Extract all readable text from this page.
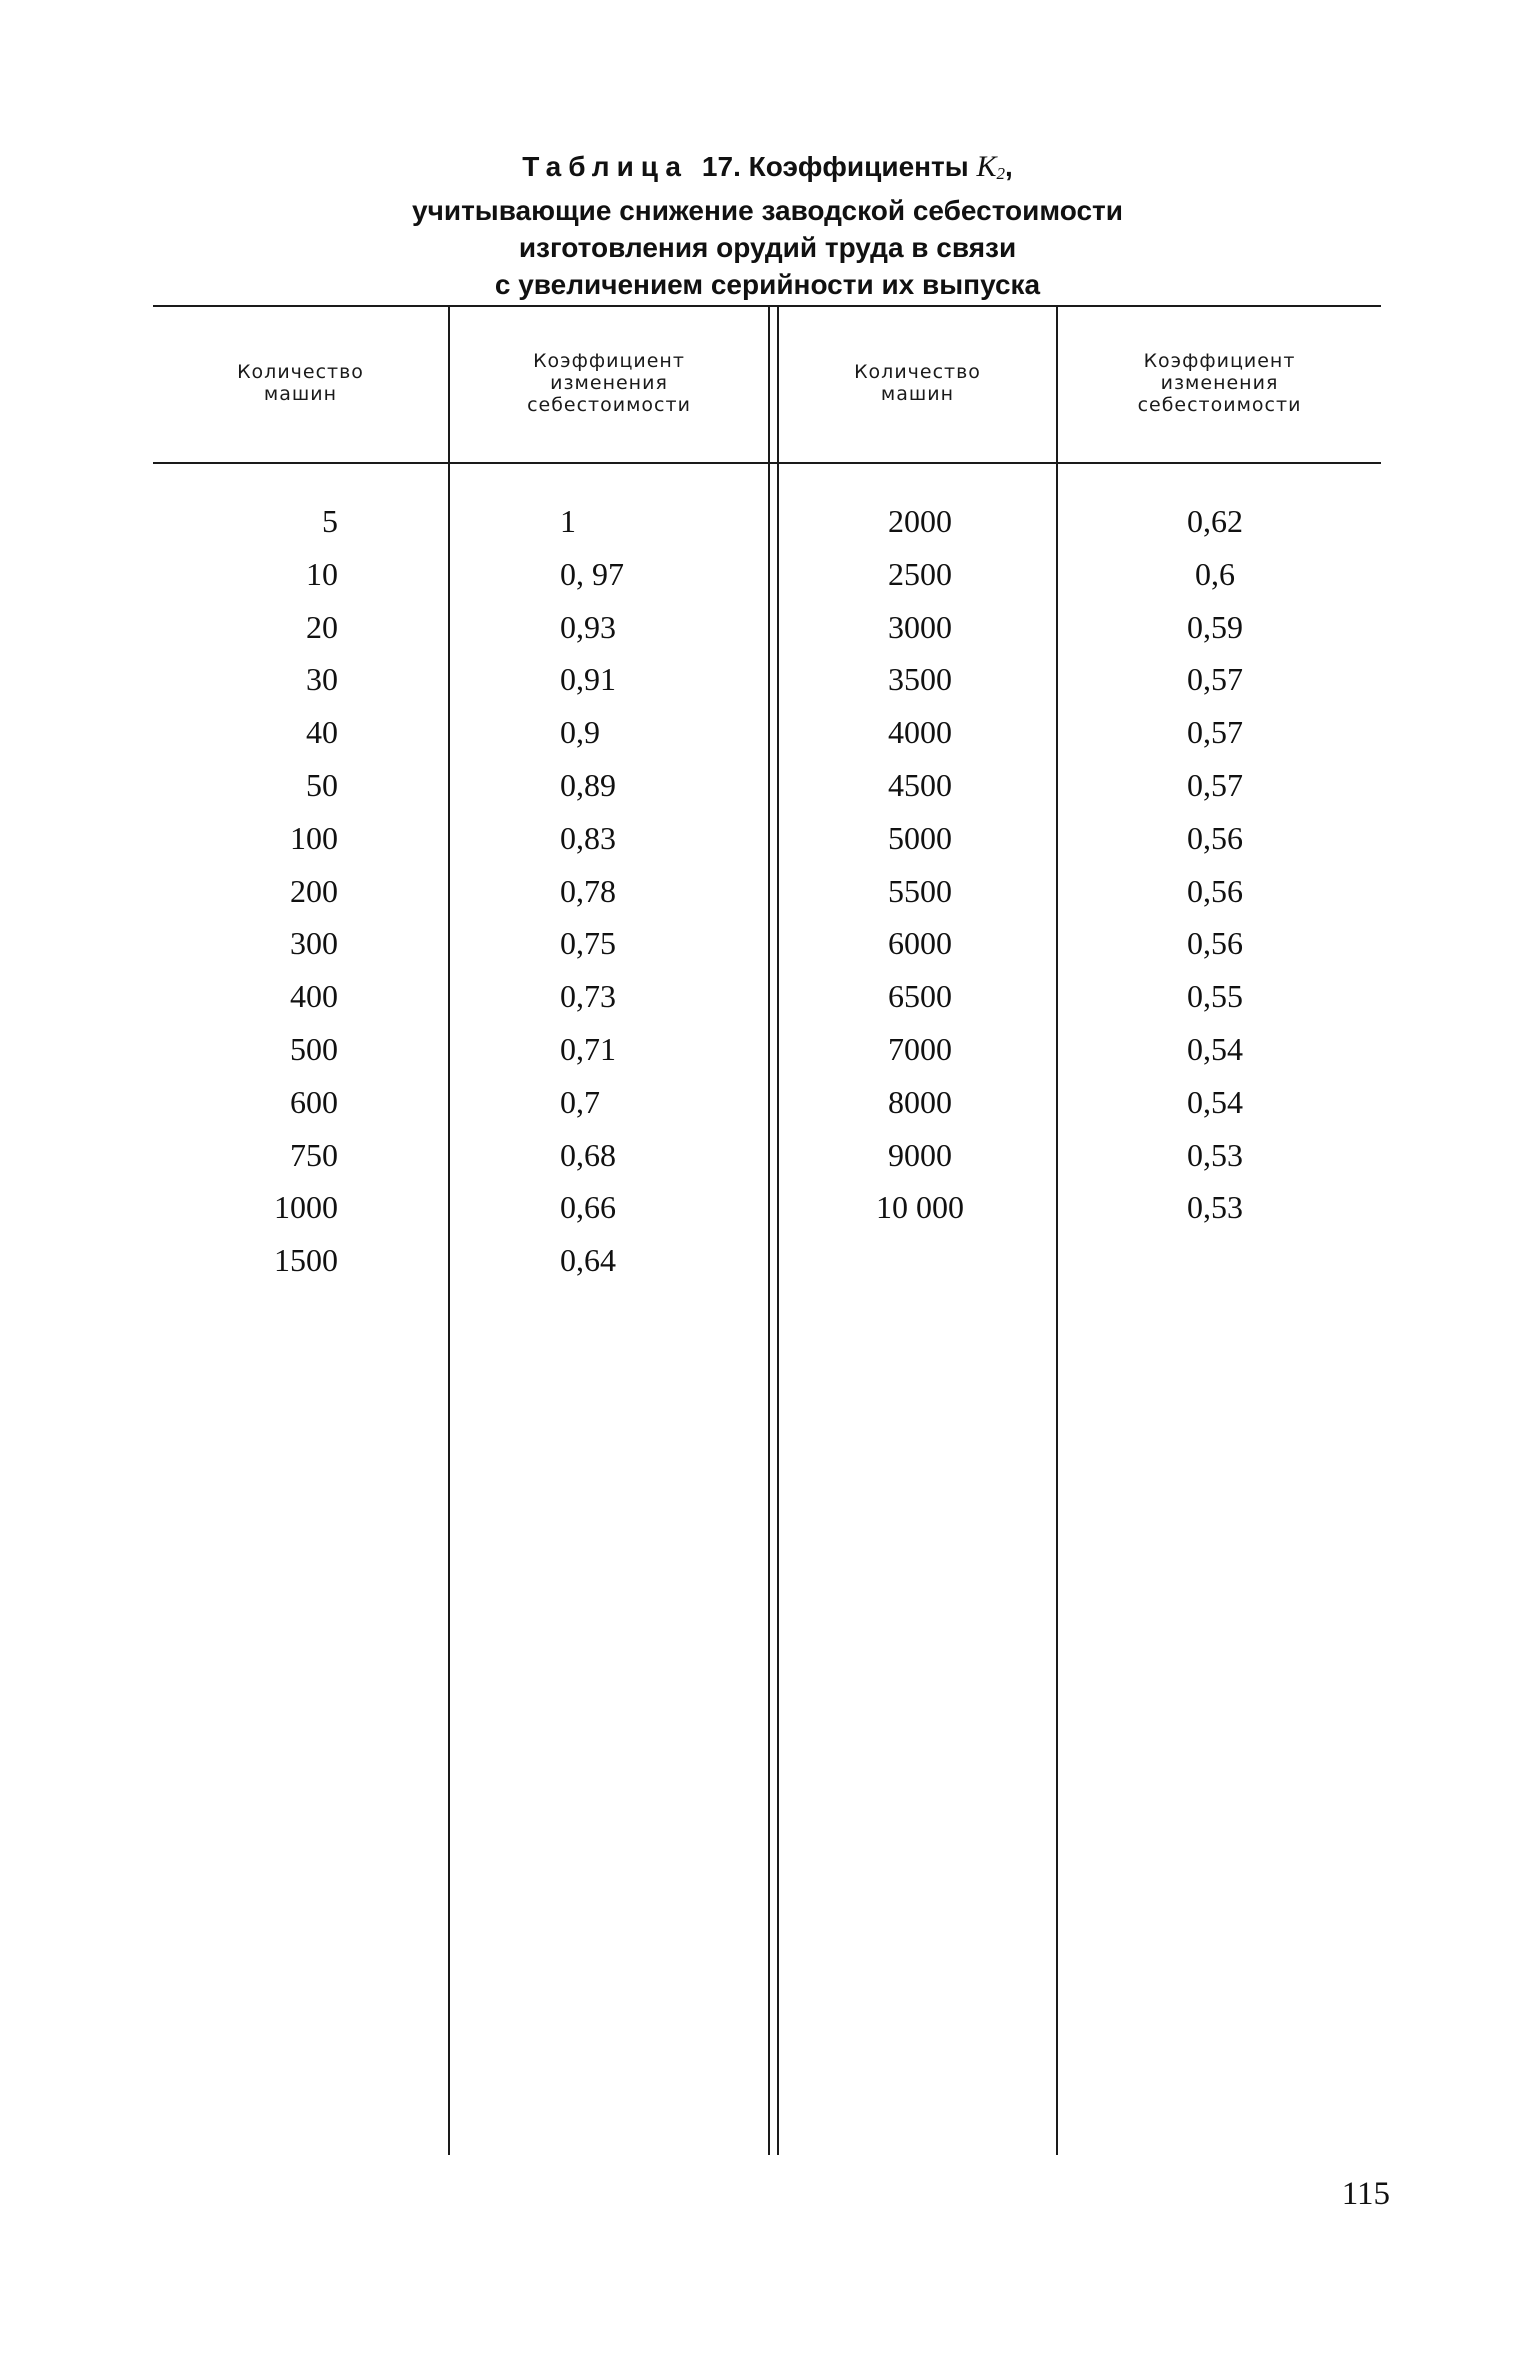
Таблица 17. Коэффициенты $K_2$,
учитывающие снижение заводской себестоимости
изготовления орудий труда в связи
с увеличением серийности их выпуска
Количество
машин
Коэффициент
изменения
себестоимости
Количество
машин
Коэффициент
изменения
себестоимости
5
10
20
30
40
50
100
200
300
400
500
600
750
1000
1500
1
0, 97
0,93
0,91
0,9
0,89
0,83
0,78
0,75
0,73
0,71
0,7
0,68
0,66
0,64
2000
2500
3000
3500
4000
4500
5000
5500
6000
6500
7000
8000
9000
10 000
0,62
0,6
0,59
0,57
0,57
0,57
0,56
0,56
0,56
0,55
0,54
0,54
0,53
0,53
115
